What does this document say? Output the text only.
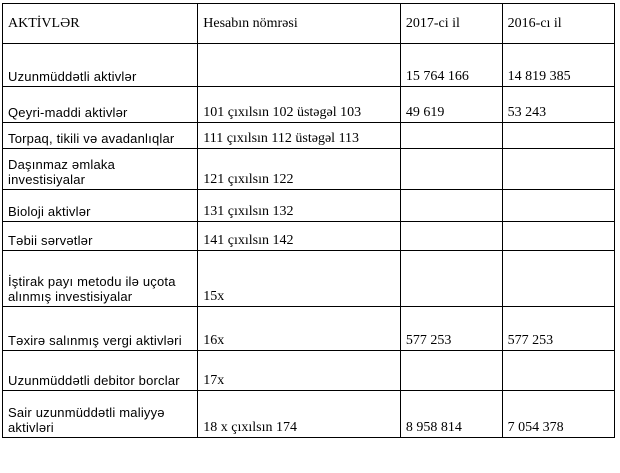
AKTİVLƏR	Hesabın nömrəsi	2017-ci il	2016-cı il
Uzunmüddətli aktivlər		15 764 166	14 819 385
Qeyri-maddi aktivlər	101 çıxılsın 102 üstəgəl 103	49 619	53 243
Torpaq, tikili və avadanlıqlar	111 çıxılsın 112 üstəgəl 113		
Daşınmaz əmlaka investisiyalar	121 çıxılsın 122		
Bioloji aktivlər	131 çıxılsın 132		
Təbii sərvətlər	141 çıxılsın 142		
İştirak payı metodu ilə uçota alınmış investisiyalar	15x		
Təxirə salınmış vergi aktivləri	16x	577 253	577 253
Uzunmüddətli debitor borclar	17x		
Sair uzunmüddətli maliyyə aktivləri	18 x çıxılsın 174	8 958 814	7 054 378
